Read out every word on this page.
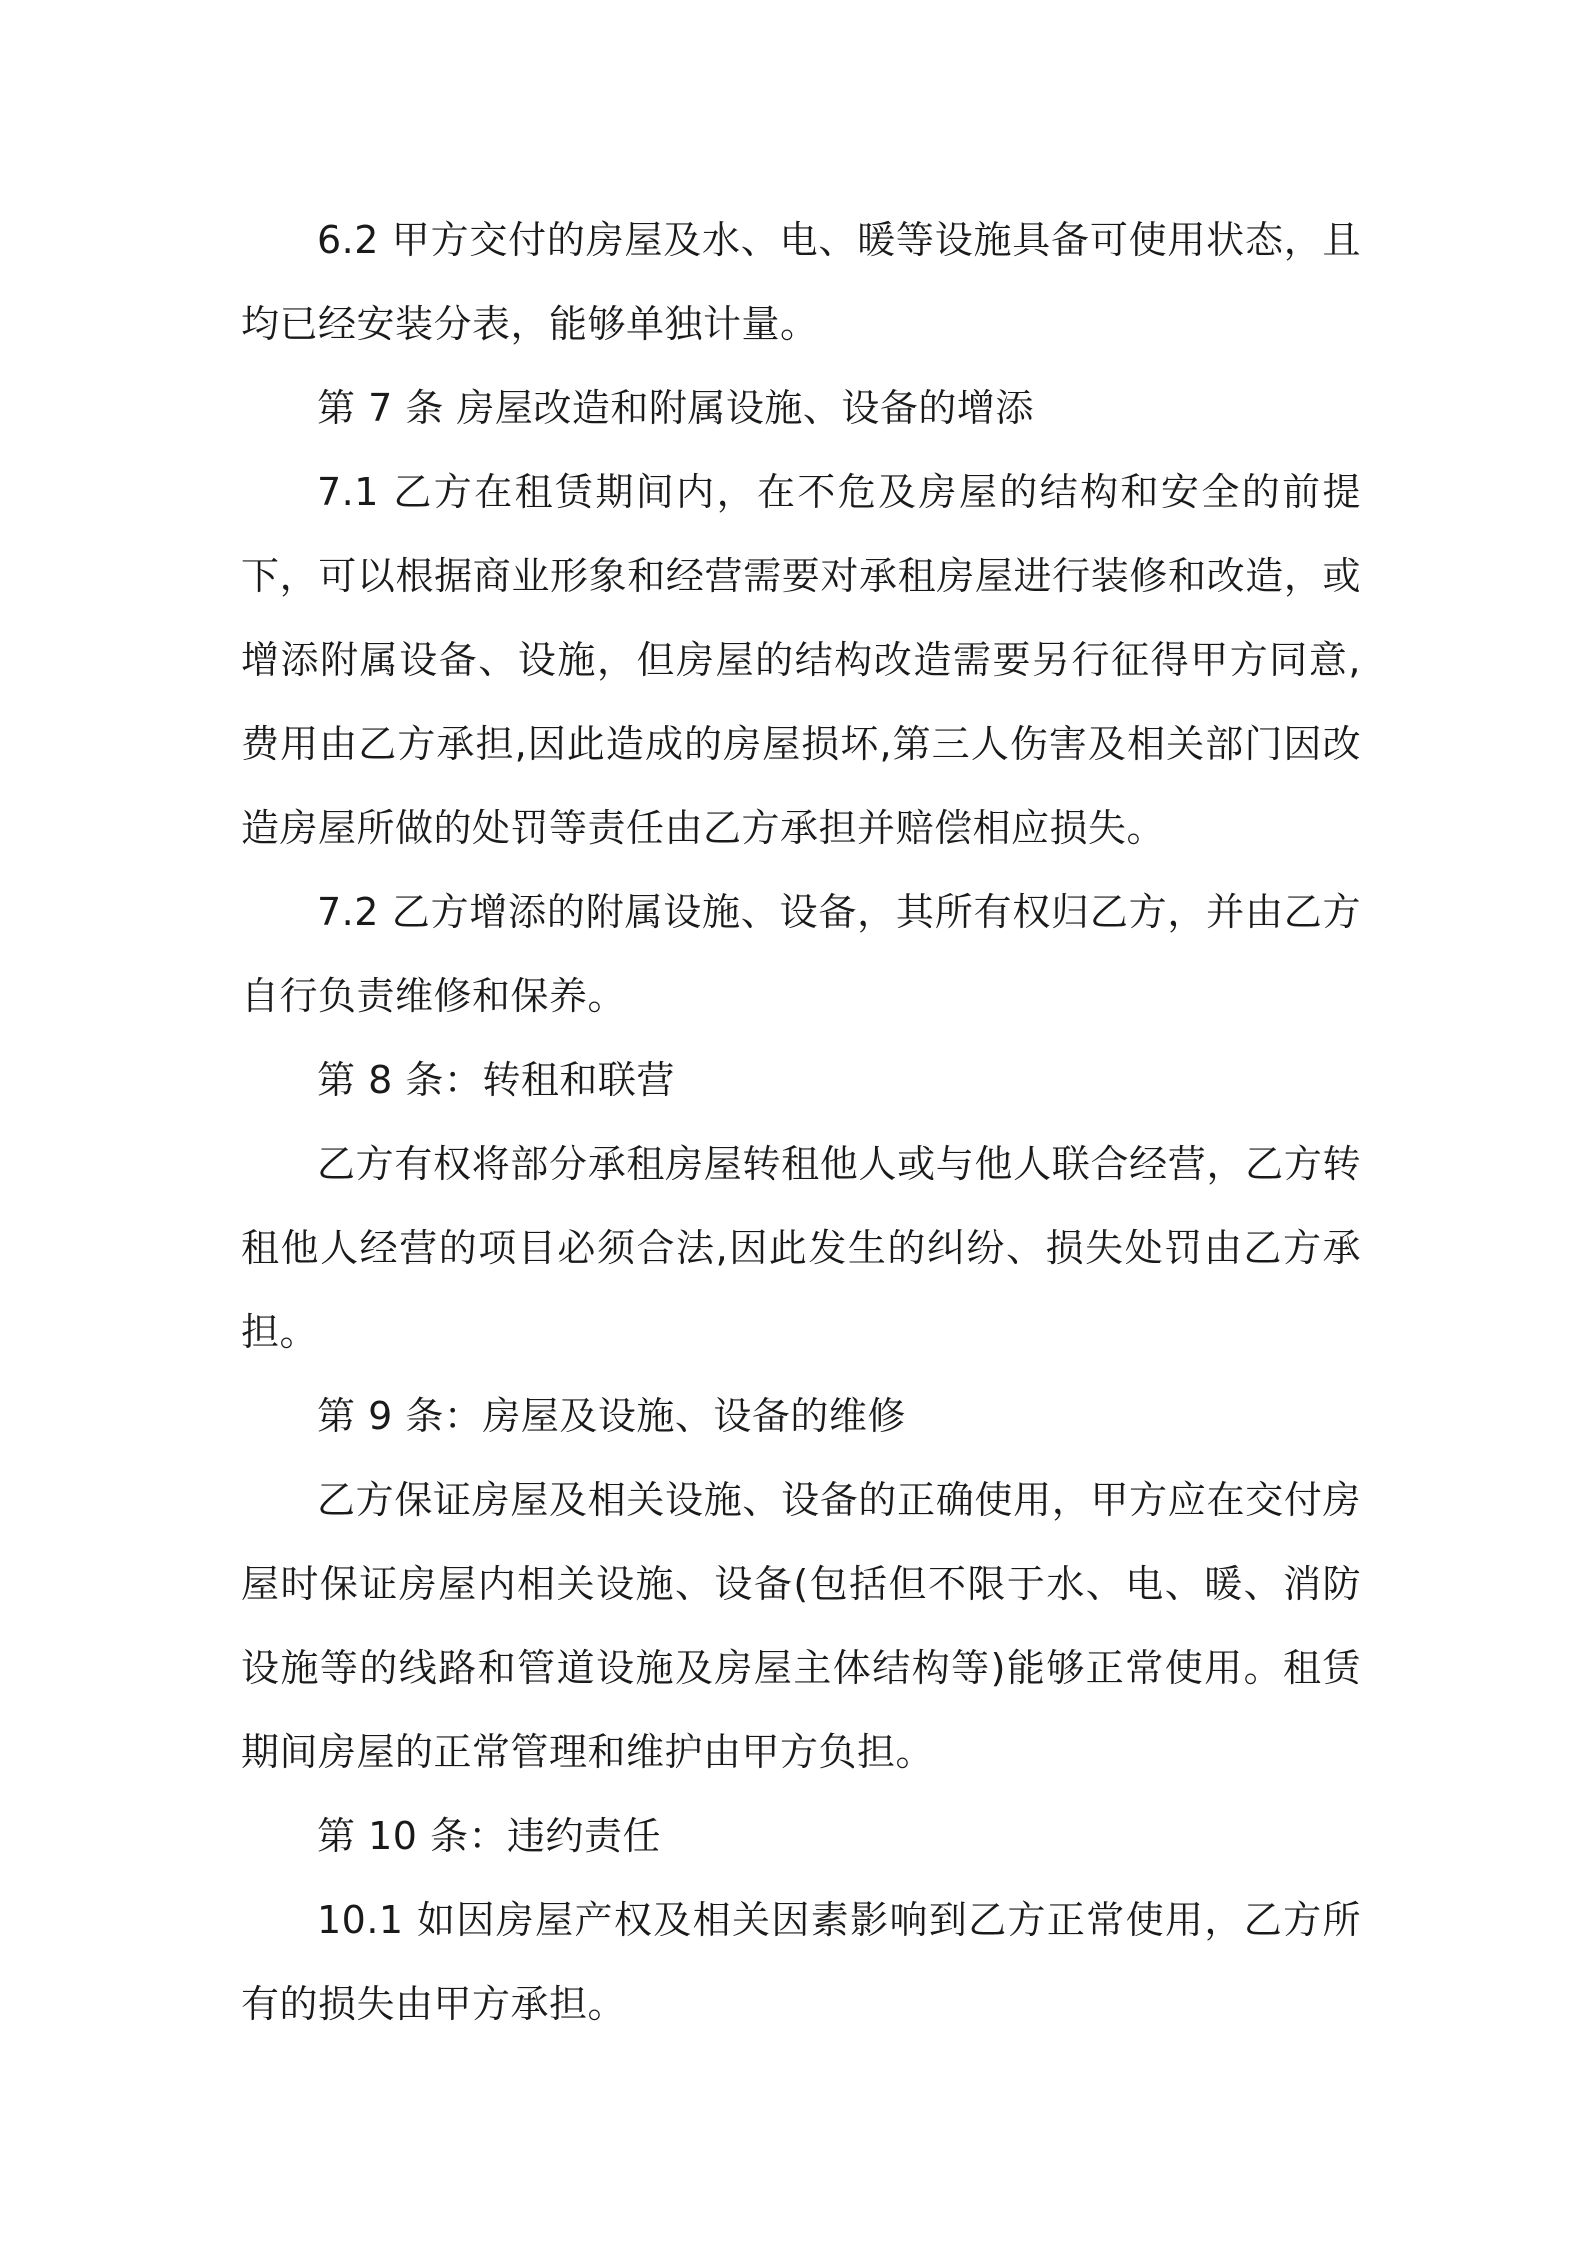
6.2 甲方交付的房屋及水、电、暖等设施具备可使用状态，且均已经安装分表，能够单独计量。

第 7 条 房屋改造和附属设施、设备的增添

7.1 乙方在租赁期间内，在不危及房屋的结构和安全的前提下，可以根据商业形象和经营需要对承租房屋进行装修和改造，或增添附属设备、设施，但房屋的结构改造需要另行征得甲方同意,费用由乙方承担,因此造成的房屋损坏,第三人伤害及相关部门因改造房屋所做的处罚等责任由乙方承担并赔偿相应损失。

7.2 乙方增添的附属设施、设备，其所有权归乙方，并由乙方自行负责维修和保养。

第 8 条：转租和联营

乙方有权将部分承租房屋转租他人或与他人联合经营，乙方转租他人经营的项目必须合法,因此发生的纠纷、损失处罚由乙方承担。

第 9 条：房屋及设施、设备的维修

乙方保证房屋及相关设施、设备的正确使用，甲方应在交付房屋时保证房屋内相关设施、设备(包括但不限于水、电、暖、消防设施等的线路和管道设施及房屋主体结构等)能够正常使用。租赁期间房屋的正常管理和维护由甲方负担。

第 10 条：违约责任

10.1 如因房屋产权及相关因素影响到乙方正常使用，乙方所有的损失由甲方承担。
